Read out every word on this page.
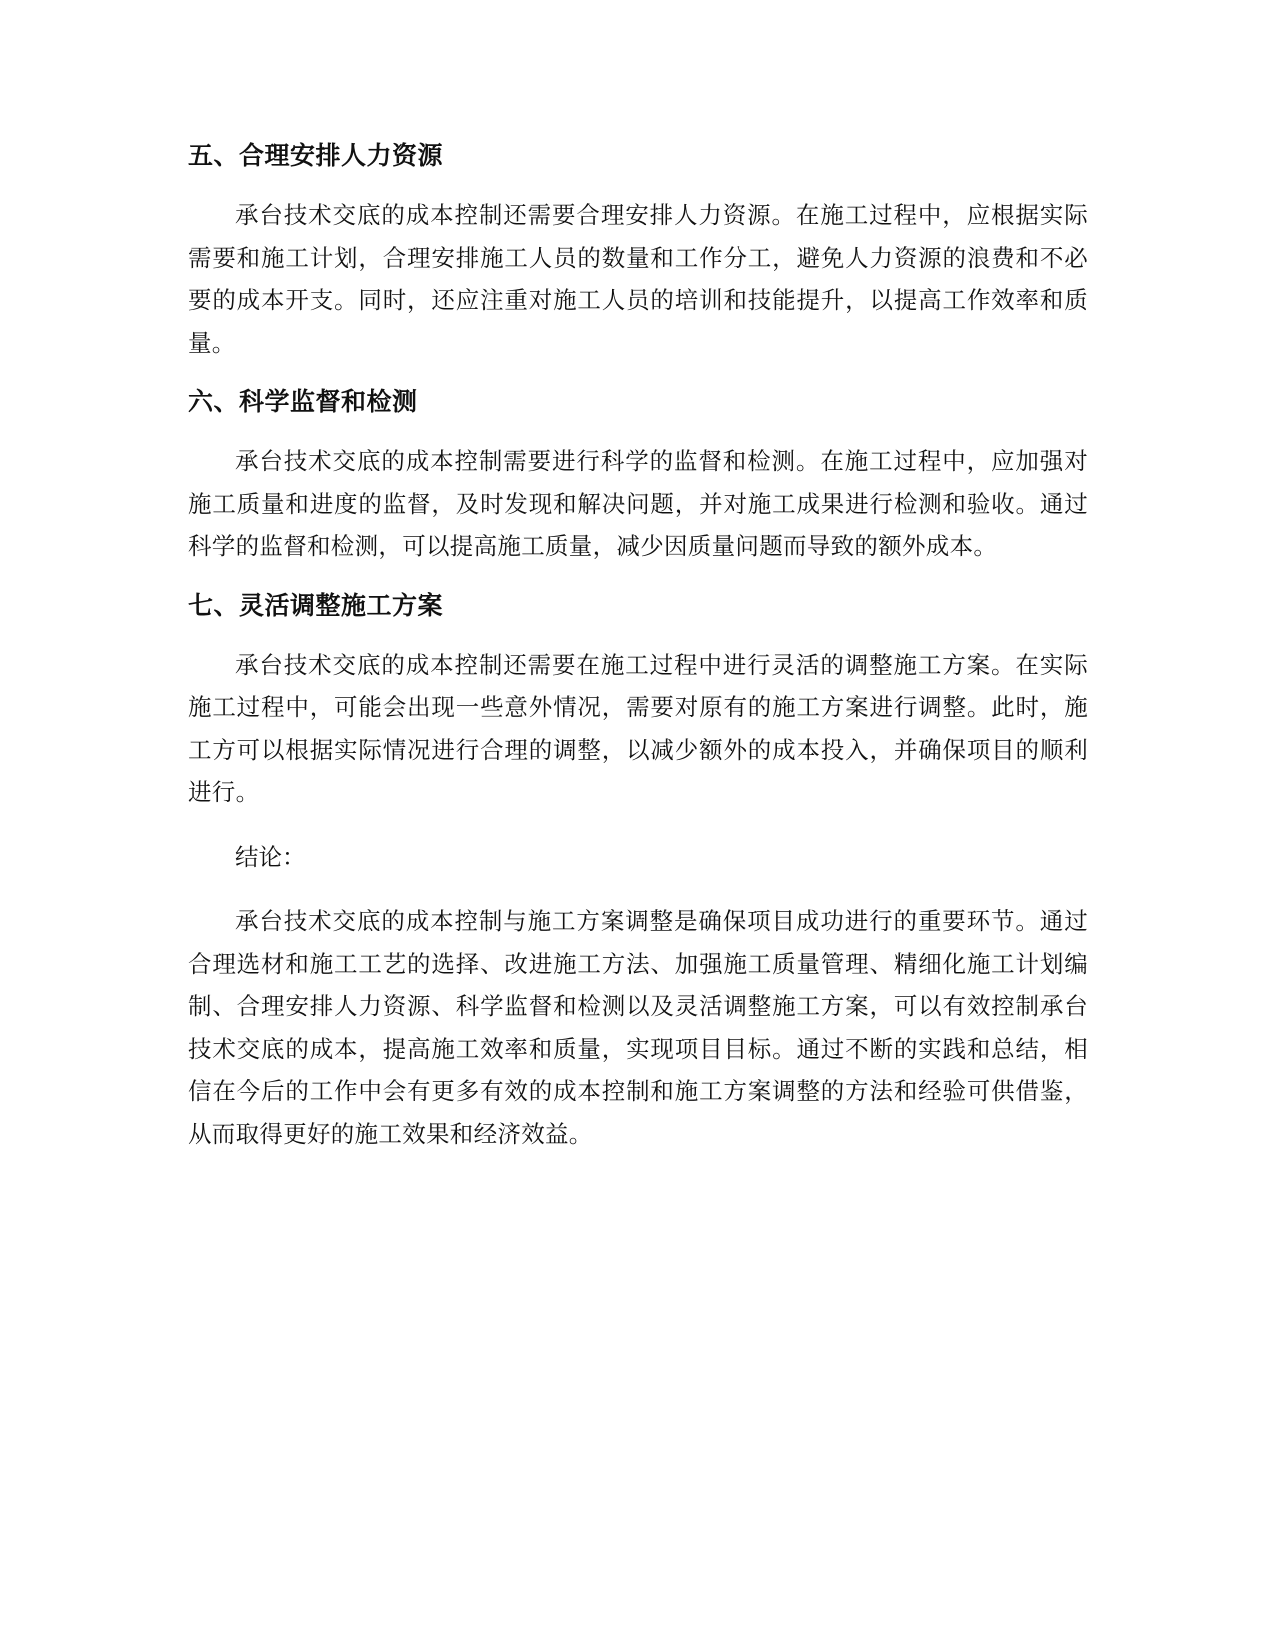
五、合理安排人力资源

承台技术交底的成本控制还需要合理安排人力资源。在施工过程中，应根据实际需要和施工计划，合理安排施工人员的数量和工作分工，避免人力资源的浪费和不必要的成本开支。同时，还应注重对施工人员的培训和技能提升，以提高工作效率和质量。

六、科学监督和检测

承台技术交底的成本控制需要进行科学的监督和检测。在施工过程中，应加强对施工质量和进度的监督，及时发现和解决问题，并对施工成果进行检测和验收。通过科学的监督和检测，可以提高施工质量，减少因质量问题而导致的额外成本。

七、灵活调整施工方案

承台技术交底的成本控制还需要在施工过程中进行灵活的调整施工方案。在实际施工过程中，可能会出现一些意外情况，需要对原有的施工方案进行调整。此时，施工方可以根据实际情况进行合理的调整，以减少额外的成本投入，并确保项目的顺利进行。

结论：

承台技术交底的成本控制与施工方案调整是确保项目成功进行的重要环节。通过合理选材和施工工艺的选择、改进施工方法、加强施工质量管理、精细化施工计划编制、合理安排人力资源、科学监督和检测以及灵活调整施工方案，可以有效控制承台技术交底的成本，提高施工效率和质量，实现项目目标。通过不断的实践和总结，相信在今后的工作中会有更多有效的成本控制和施工方案调整的方法和经验可供借鉴，从而取得更好的施工效果和经济效益。
